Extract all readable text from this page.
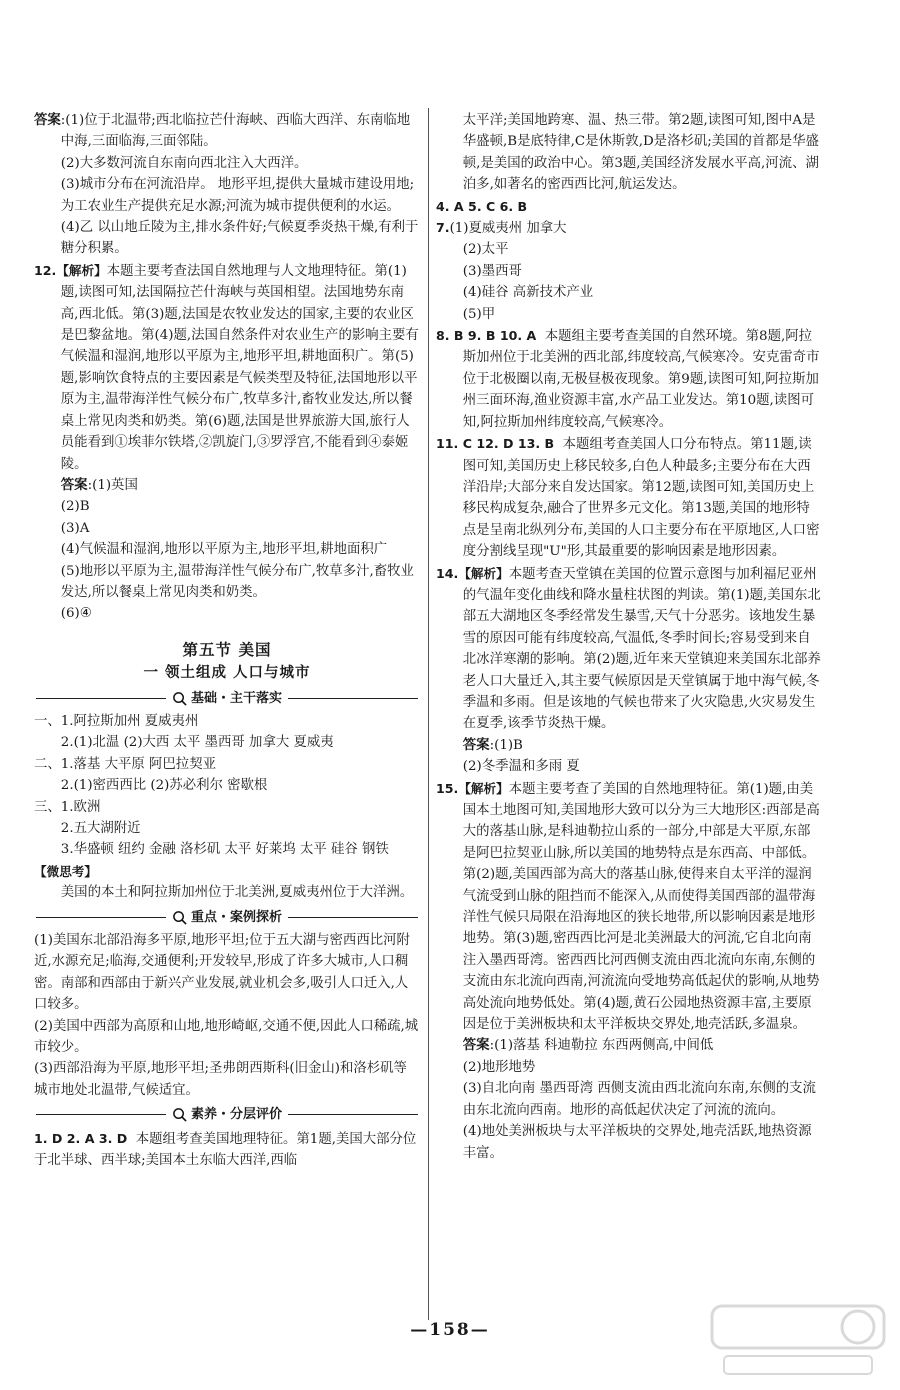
答案:(1)位于北温带;西北临拉芒什海峡、西临大西洋、东南临地中海,三面临海,三面邻陆。

(2)大多数河流自东南向西北注入大西洋。

(3)城市分布在河流沿岸。 地形平坦,提供大量城市建设用地;为工农业生产提供充足水源;河流为城市提供便利的水运。

(4)乙 以山地丘陵为主,排水条件好;气候夏季炎热干燥,有利于糖分积累。

12.【解析】本题主要考查法国自然地理与人文地理特征。第(1)题,读图可知,法国隔拉芒什海峡与英国相望。法国地势东南高,西北低。第(3)题,法国是农牧业发达的国家,主要的农业区是巴黎盆地。第(4)题,法国自然条件对农业生产的影响主要有气候温和湿润,地形以平原为主,地形平坦,耕地面积广。第(5)题,影响饮食特点的主要因素是气候类型及特征,法国地形以平原为主,温带海洋性气候分布广,牧草多汁,畜牧业发达,所以餐桌上常见肉类和奶类。第(6)题,法国是世界旅游大国,旅行人员能看到①埃菲尔铁塔,②凯旋门,③罗浮宫,不能看到④泰姬陵。

答案:(1)英国

(2)B

(3)A

(4)气候温和湿润,地形以平原为主,地形平坦,耕地面积广

(5)地形以平原为主,温带海洋性气候分布广,牧草多汁,畜牧业发达,所以餐桌上常见肉类和奶类。

(6)④

第五节 美国
一 领土组成 人口与城市
基础・主干落实

一、1.阿拉斯加州 夏威夷州

2.(1)北温 (2)大西 太平 墨西哥 加拿大 夏威夷

二、1.落基 大平原 阿巴拉契亚

2.(1)密西西比 (2)苏必利尔 密歇根

三、1.欧洲

2.五大湖附近

3.华盛顿 纽约 金融 洛杉矶 太平 好莱坞 太平 硅谷 钢铁

【微思考】

美国的本土和阿拉斯加州位于北美洲,夏威夷州位于大洋洲。

重点・案例探析

(1)美国东北部沿海多平原,地形平坦;位于五大湖与密西西比河附近,水源充足;临海,交通便利;开发较早,形成了许多大城市,人口稠密。南部和西部由于新兴产业发展,就业机会多,吸引人口迁入,人口较多。

(2)美国中西部为高原和山地,地形崎岖,交通不便,因此人口稀疏,城市较少。

(3)西部沿海为平原,地形平坦;圣弗朗西斯科(旧金山)和洛杉矶等城市地处北温带,气候适宜。

素养・分层评价

1. D 2. A 3. D 本题组考查美国地理特征。第1题,美国大部分位于北半球、西半球;美国本土东临大西洋,西临

太平洋;美国地跨寒、温、热三带。第2题,读图可知,图中A是华盛顿,B是底特律,C是休斯敦,D是洛杉矶;美国的首都是华盛顿,是美国的政治中心。第3题,美国经济发展水平高,河流、湖泊多,如著名的密西西比河,航运发达。

4. A 5. C 6. B

7.(1)夏威夷州 加拿大

(2)太平

(3)墨西哥

(4)硅谷 高新技术产业

(5)甲

8. B 9. B 10. A 本题组主要考查美国的自然环境。第8题,阿拉斯加州位于北美洲的西北部,纬度较高,气候寒冷。安克雷奇市位于北极圈以南,无极昼极夜现象。第9题,读图可知,阿拉斯加州三面环海,渔业资源丰富,水产品工业发达。第10题,读图可知,阿拉斯加州纬度较高,气候寒冷。

11. C 12. D 13. B 本题组考查美国人口分布特点。第11题,读图可知,美国历史上移民较多,白色人种最多;主要分布在大西洋沿岸;大部分来自发达国家。第12题,读图可知,美国历史上移民构成复杂,融合了世界多元文化。第13题,美国的地形特点是呈南北纵列分布,美国的人口主要分布在平原地区,人口密度分割线呈现"U"形,其最重要的影响因素是地形因素。

14.【解析】本题考查天堂镇在美国的位置示意图与加利福尼亚州的气温年变化曲线和降水量柱状图的判读。第(1)题,美国东北部五大湖地区冬季经常发生暴雪,天气十分恶劣。该地发生暴雪的原因可能有纬度较高,气温低,冬季时间长;容易受到来自北冰洋寒潮的影响。第(2)题,近年来天堂镇迎来美国东北部养老人口大量迁入,其主要气候原因是天堂镇属于地中海气候,冬季温和多雨。但是该地的气候也带来了火灾隐患,火灾易发生在夏季,该季节炎热干燥。

答案:(1)B

(2)冬季温和多雨 夏

15.【解析】本题主要考查了美国的自然地理特征。第(1)题,由美国本土地图可知,美国地形大致可以分为三大地形区:西部是高大的落基山脉,是科迪勒拉山系的一部分,中部是大平原,东部是阿巴拉契亚山脉,所以美国的地势特点是东西高、中部低。第(2)题,美国西部为高大的落基山脉,使得来自太平洋的湿润气流受到山脉的阻挡而不能深入,从而使得美国西部的温带海洋性气候只局限在沿海地区的狭长地带,所以影响因素是地形地势。第(3)题,密西西比河是北美洲最大的河流,它自北向南注入墨西哥湾。密西西比河西侧支流由西北流向东南,东侧的支流由东北流向西南,河流流向受地势高低起伏的影响,从地势高处流向地势低处。第(4)题,黄石公园地热资源丰富,主要原因是位于美洲板块和太平洋板块交界处,地壳活跃,多温泉。

答案:(1)落基 科迪勒拉 东西两侧高,中间低

(2)地形地势

(3)自北向南 墨西哥湾 西侧支流由西北流向东南,东侧的支流由东北流向西南。地形的高低起伏决定了河流的流向。

(4)地处美洲板块与太平洋板块的交界处,地壳活跃,地热资源丰富。

—158—
